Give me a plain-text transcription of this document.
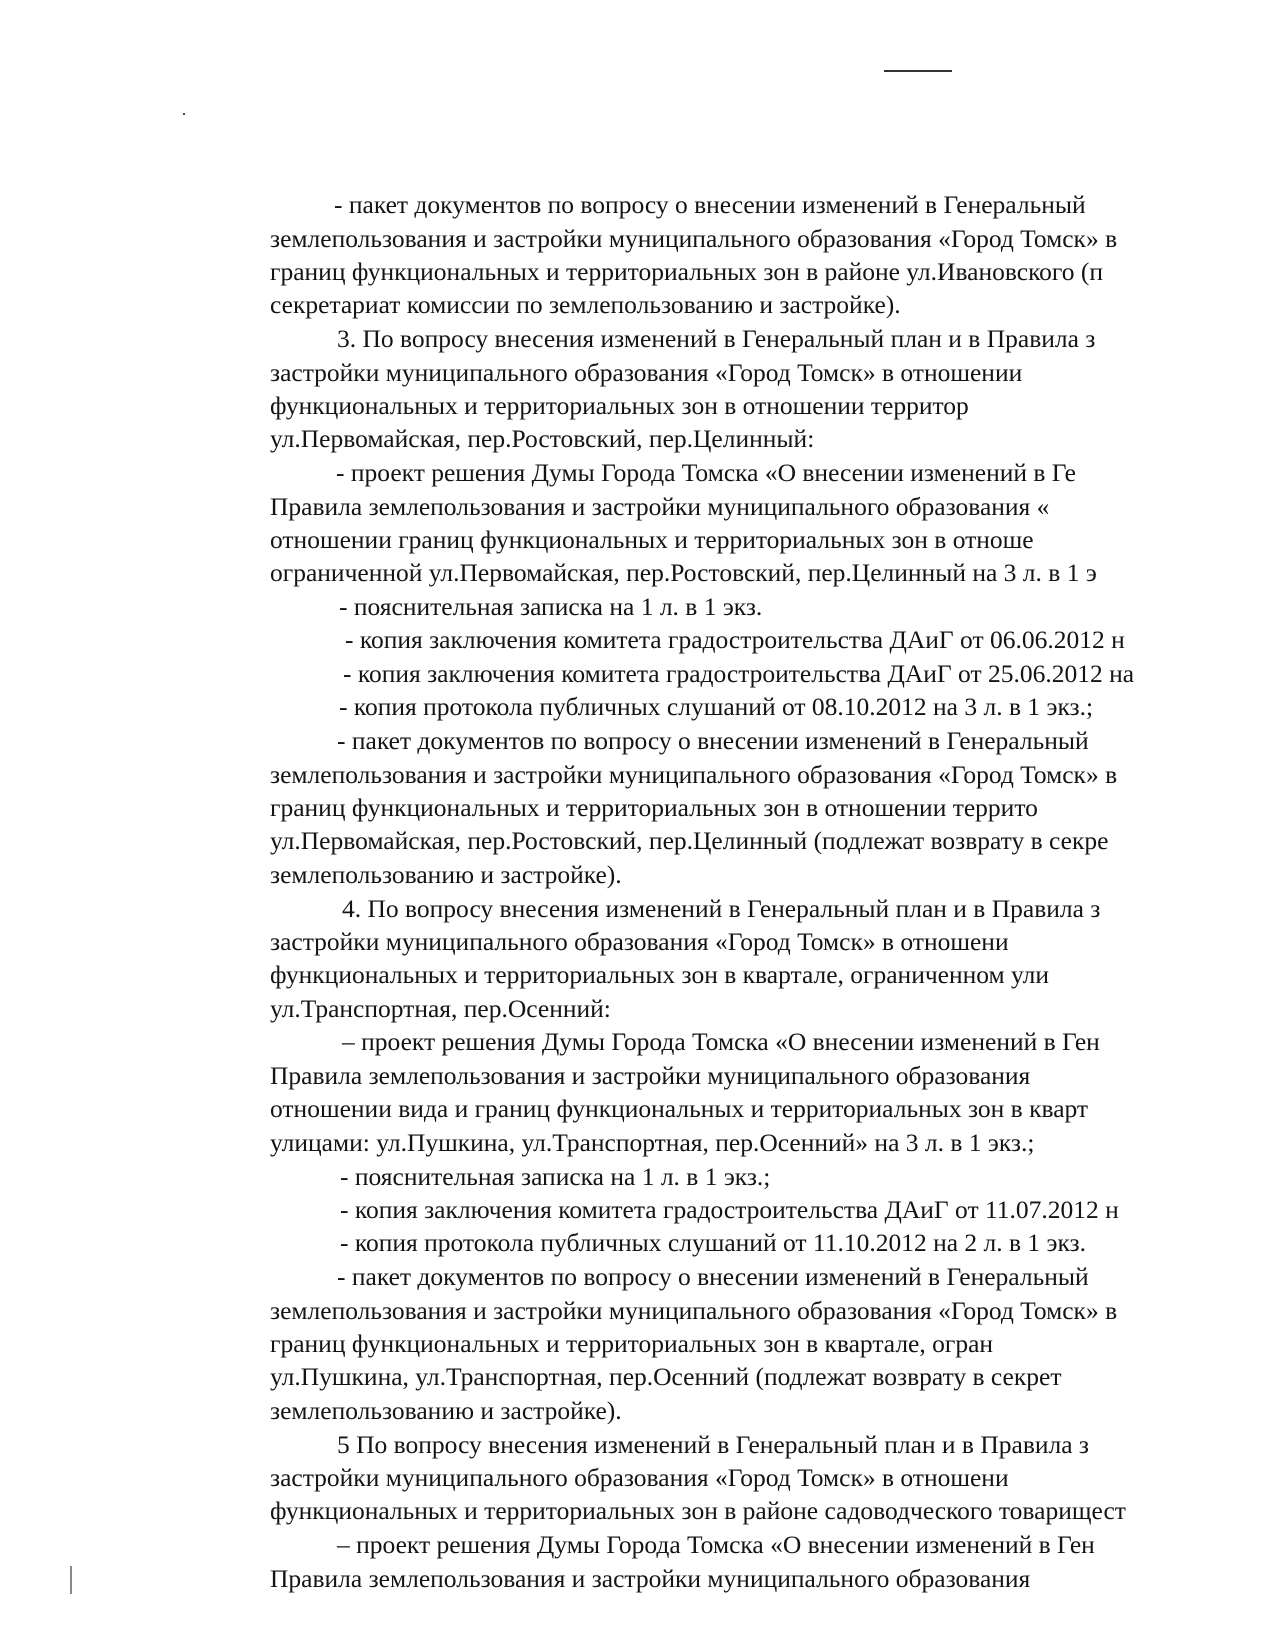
- пакет документов по вопросу о внесении изменений в Генеральный
землепользования и застройки муниципального образования «Город Томск» в
границ функциональных и территориальных зон в районе ул.Ивановского (п
секретариат комиссии по землепользованию и застройке).
3. По вопросу внесения изменений в Генеральный план и в Правила з
застройки муниципального образования «Город Томск» в отношении
функциональных и территориальных зон в отношении территор
ул.Первомайская, пер.Ростовский, пер.Целинный:
- проект решения Думы Города Томска «О внесении изменений в Ге
Правила землепользования и застройки муниципального образования «
отношении границ функциональных и территориальных зон в отноше
ограниченной ул.Первомайская, пер.Ростовский, пер.Целинный на 3 л. в 1 э
- пояснительная записка на 1 л. в 1 экз.
- копия заключения комитета градостроительства ДАиГ от 06.06.2012 н
- копия заключения комитета градостроительства ДАиГ от 25.06.2012 на
- копия протокола публичных слушаний от 08.10.2012 на 3 л. в 1 экз.;
- пакет документов по вопросу о внесении изменений в Генеральный
землепользования и застройки муниципального образования «Город Томск» в
границ функциональных и территориальных зон в отношении террито
ул.Первомайская, пер.Ростовский, пер.Целинный (подлежат возврату в секре
землепользованию и застройке).
4. По вопросу внесения изменений в Генеральный план и в Правила з
застройки муниципального образования «Город Томск» в отношени
функциональных и территориальных зон в квартале, ограниченном ули
ул.Транспортная, пер.Осенний:
– проект решения Думы Города Томска «О внесении изменений в Ген
Правила землепользования и застройки муниципального образования
отношении вида и границ функциональных и территориальных зон в кварт
улицами: ул.Пушкина, ул.Транспортная, пер.Осенний» на 3 л. в 1 экз.;
- пояснительная записка на 1 л. в 1 экз.;
- копия заключения комитета градостроительства ДАиГ от 11.07.2012 н
- копия протокола публичных слушаний от 11.10.2012 на 2 л. в 1 экз.
- пакет документов по вопросу о внесении изменений в Генеральный
землепользования и застройки муниципального образования «Город Томск» в
границ функциональных и территориальных зон в квартале, огран
ул.Пушкина, ул.Транспортная, пер.Осенний (подлежат возврату в секрет
землепользованию и застройке).
5 По вопросу внесения изменений в Генеральный план и в Правила з
застройки муниципального образования «Город Томск» в отношени
функциональных и территориальных зон в районе садоводческого товарищест
– проект решения Думы Города Томска «О внесении изменений в Ген
Правила землепользования и застройки муниципального образования
